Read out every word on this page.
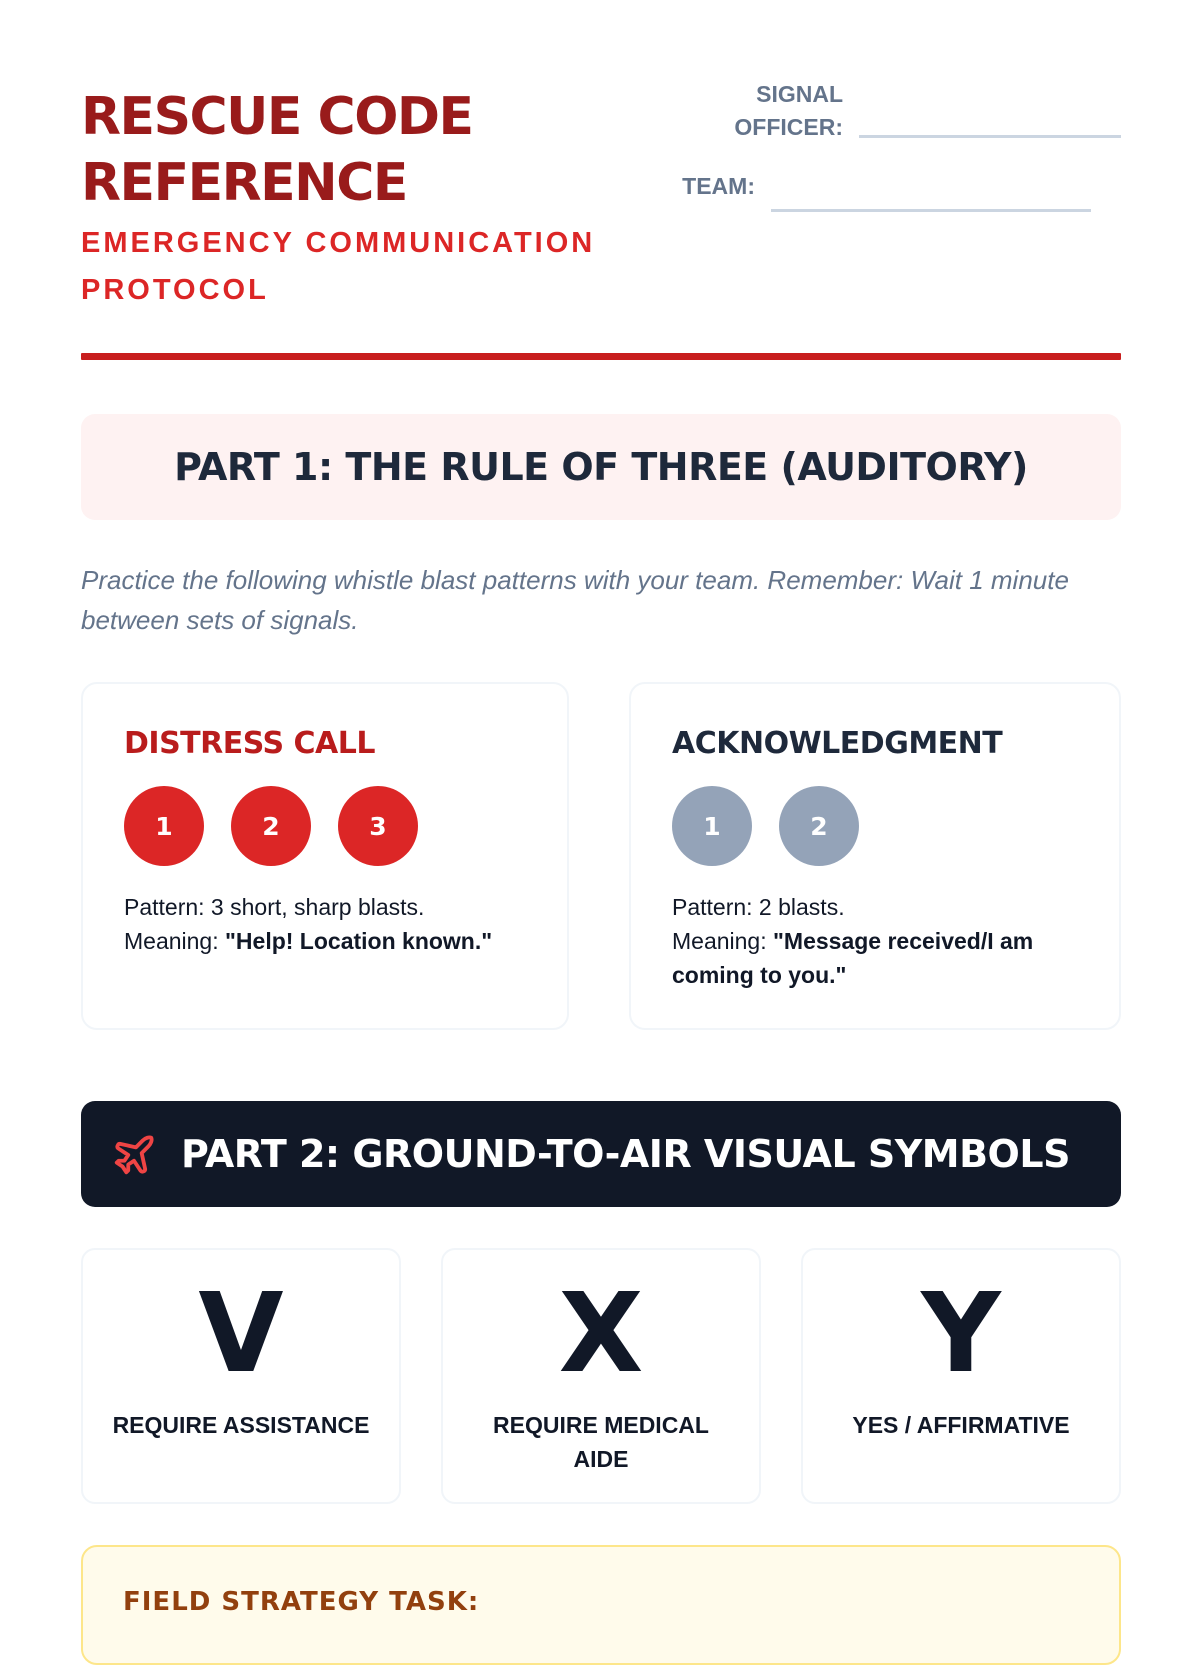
RESCUE CODE
REFERENCE

EMERGENCY COMMUNICATION
PROTOCOL

SIGNAL
OFFICER:
TEAM:
PART 1: THE RULE OF THREE (AUDITORY)

Practice the following whistle blast patterns with your team. Remember: Wait 1 minute between sets of signals.

DISTRESS CALL
1	2	3
Pattern: 3 short, sharp blasts.
Meaning: "Help! Location known."
ACKNOWLEDGMENT
1	2
Pattern: 2 blasts.
Meaning: "Message received/I am coming to you."
PART 2: GROUND-TO-AIR VISUAL SYMBOLS
V
REQUIRE ASSISTANCE
X
REQUIRE MEDICAL AIDE
Y
YES / AFFIRMATIVE
FIELD STRATEGY TASK:
